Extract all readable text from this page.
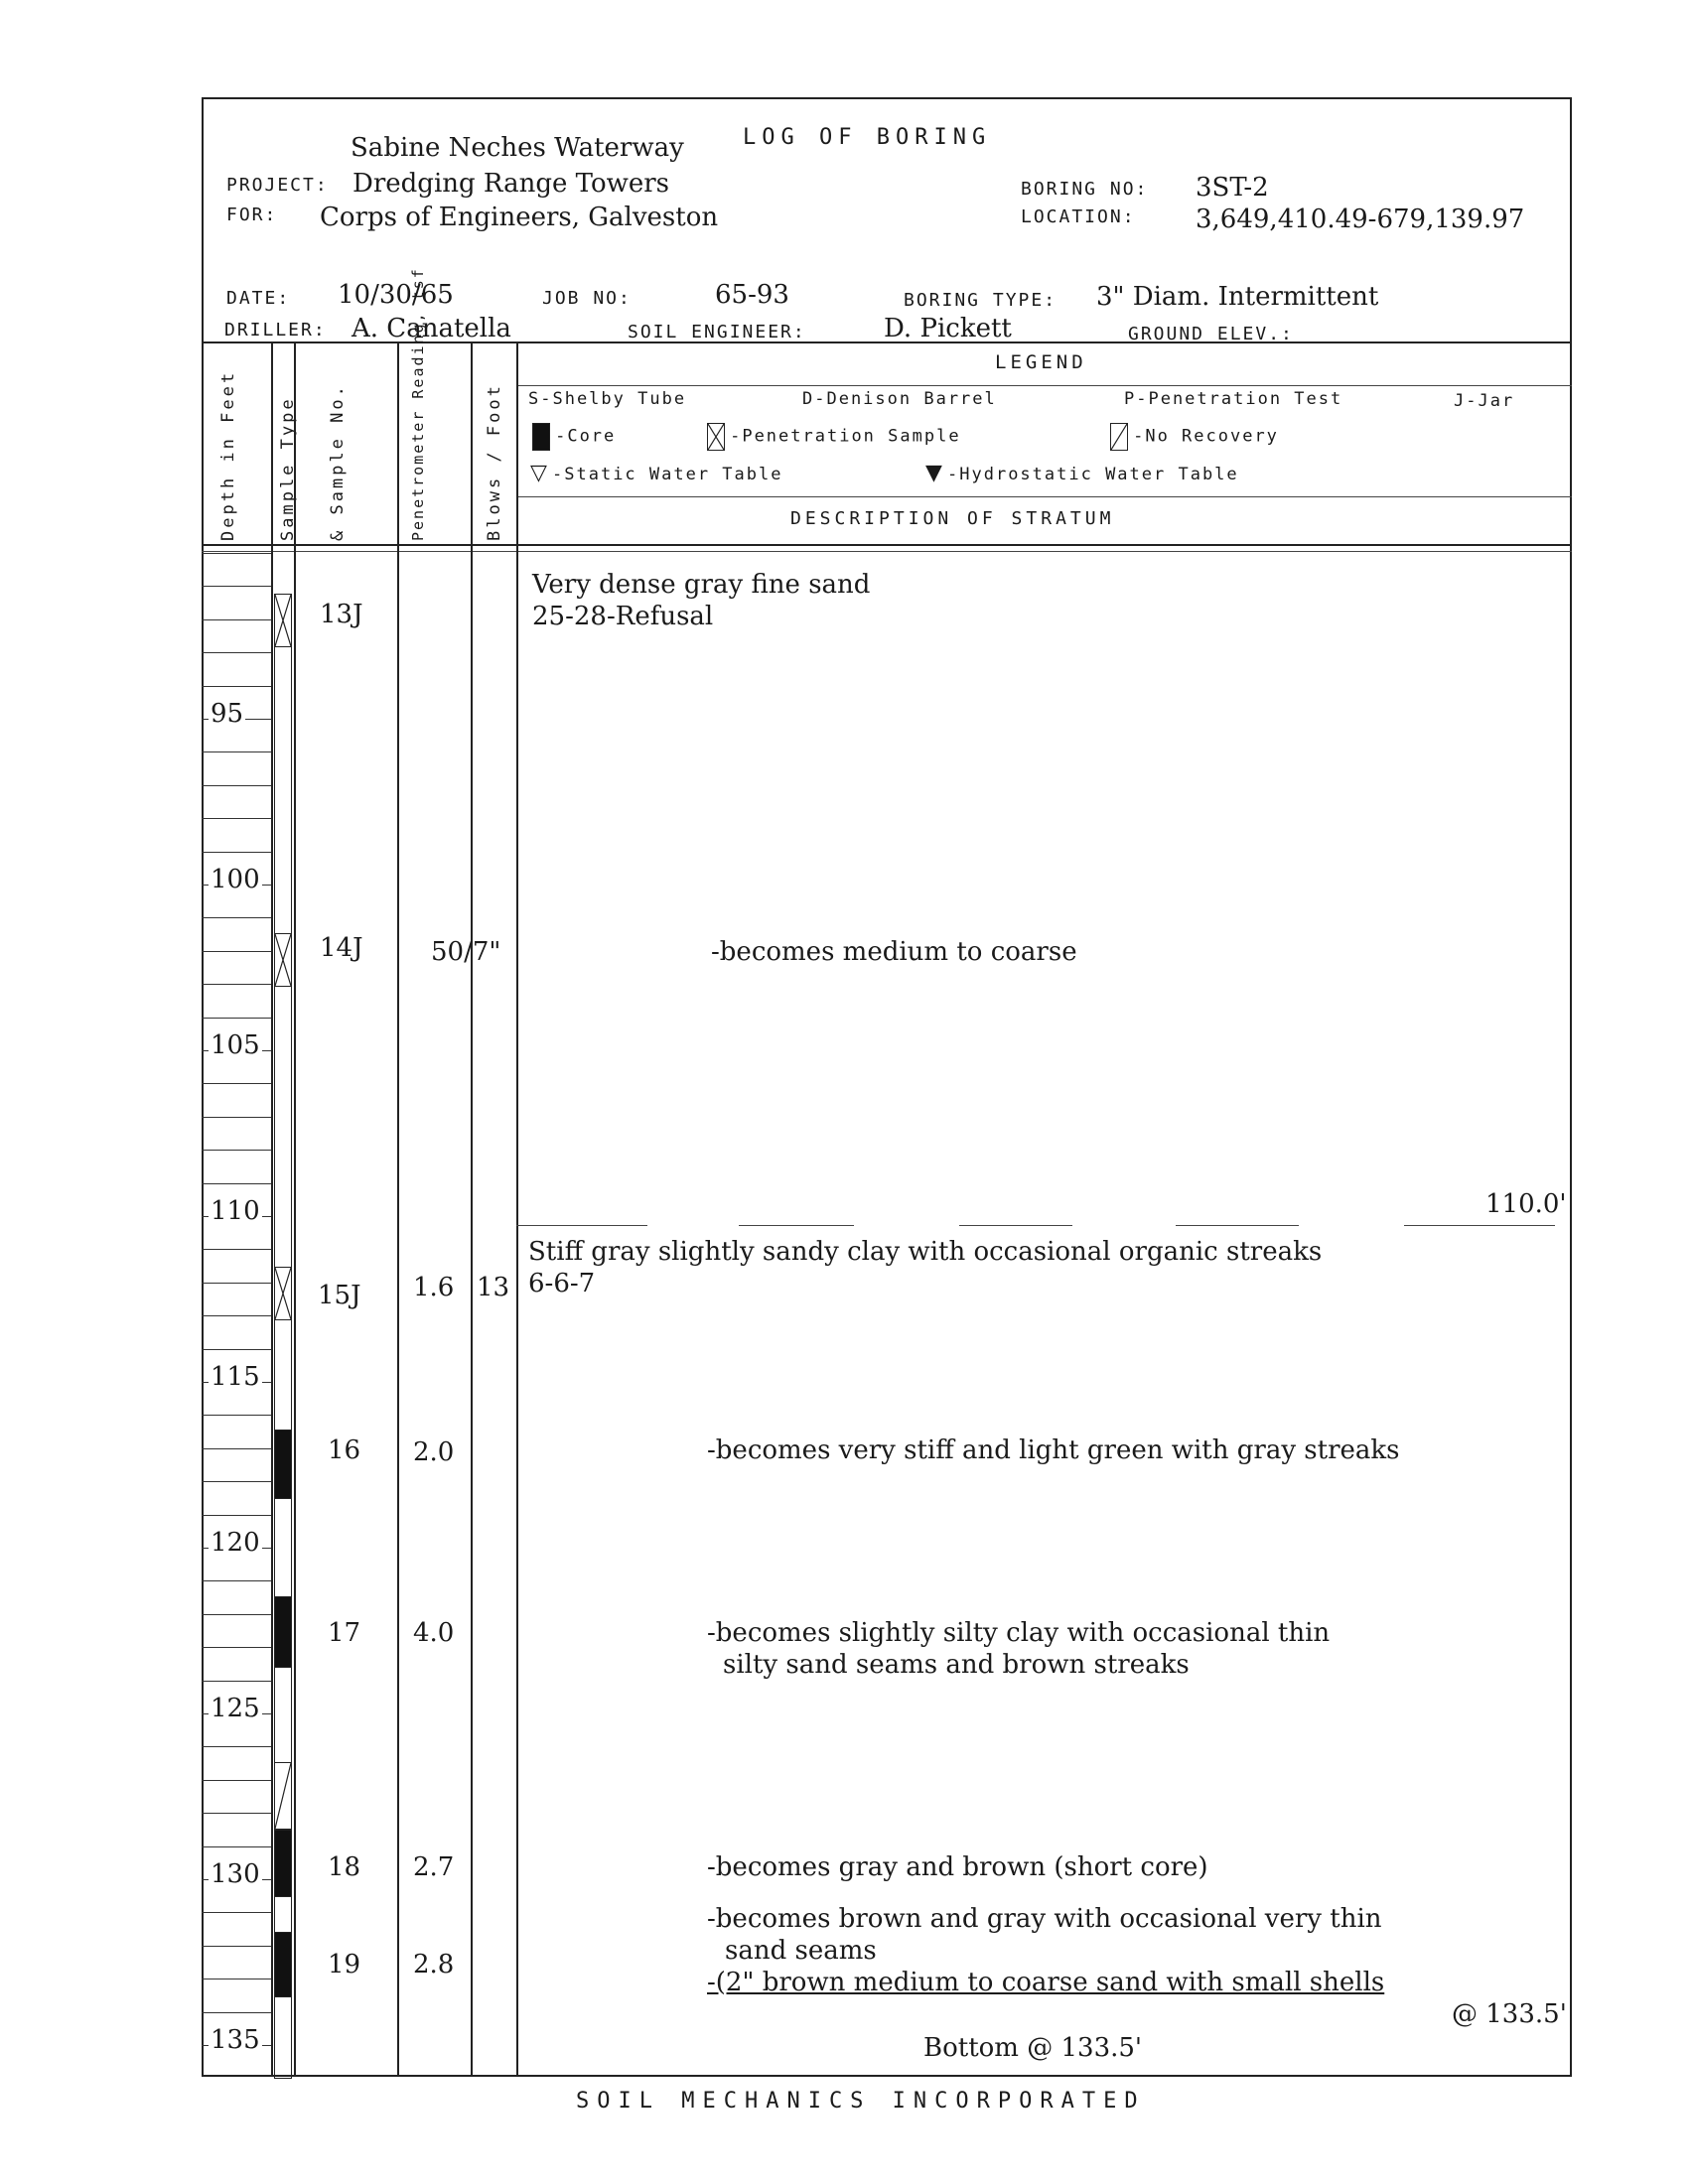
Sabine Neches Waterway	LOG OF BORING
PROJECT: Dredging Range Towers
FOR: Corps of Engineers, Galveston
BORING NO: 3ST-2
LOCATION: 3,649,410.49-679,139.97
DATE: 10/30/65	JOB NO:	65-93	BORING TYPE: 3" Diam. Intermittent
DRILLER: A. Canatella	SOIL ENGINEER:	D. Pickett	GROUND ELEV.:
Depth in Feet Sample Type & Sample No.	Penetrometer Reading, tsf	Blows / Foot
LEGEND
S-Shelby Tube	D-Denison Barrel	P-Penetration Test	J-Jar
-Core	-Penetration Sample	-No Recovery
▽ -Static Water Table	▼ -Hydrostatic Water Table
DESCRIPTION OF STRATUM
95
100
105
110
115
120
125
130
135
13J
14J	50/7"
15J 1.6 13
16 2.0
17 4.0
18 2.7
19 2.8
Very dense gray fine sand
25-28-Refusal
-becomes medium to coarse
110.0'
Stiff gray slightly sandy clay with occasional organic streaks
6-6-7
-becomes very stiff and light green with gray streaks
-becomes slightly silty clay with occasional thin
silty sand seams and brown streaks
-becomes gray and brown (short core)
-becomes brown and gray with occasional very thin
sand seams
-(2" brown medium to coarse sand with small shells
@ 133.5'
Bottom @ 133.5'
SOIL MECHANICS INCORPORATED
